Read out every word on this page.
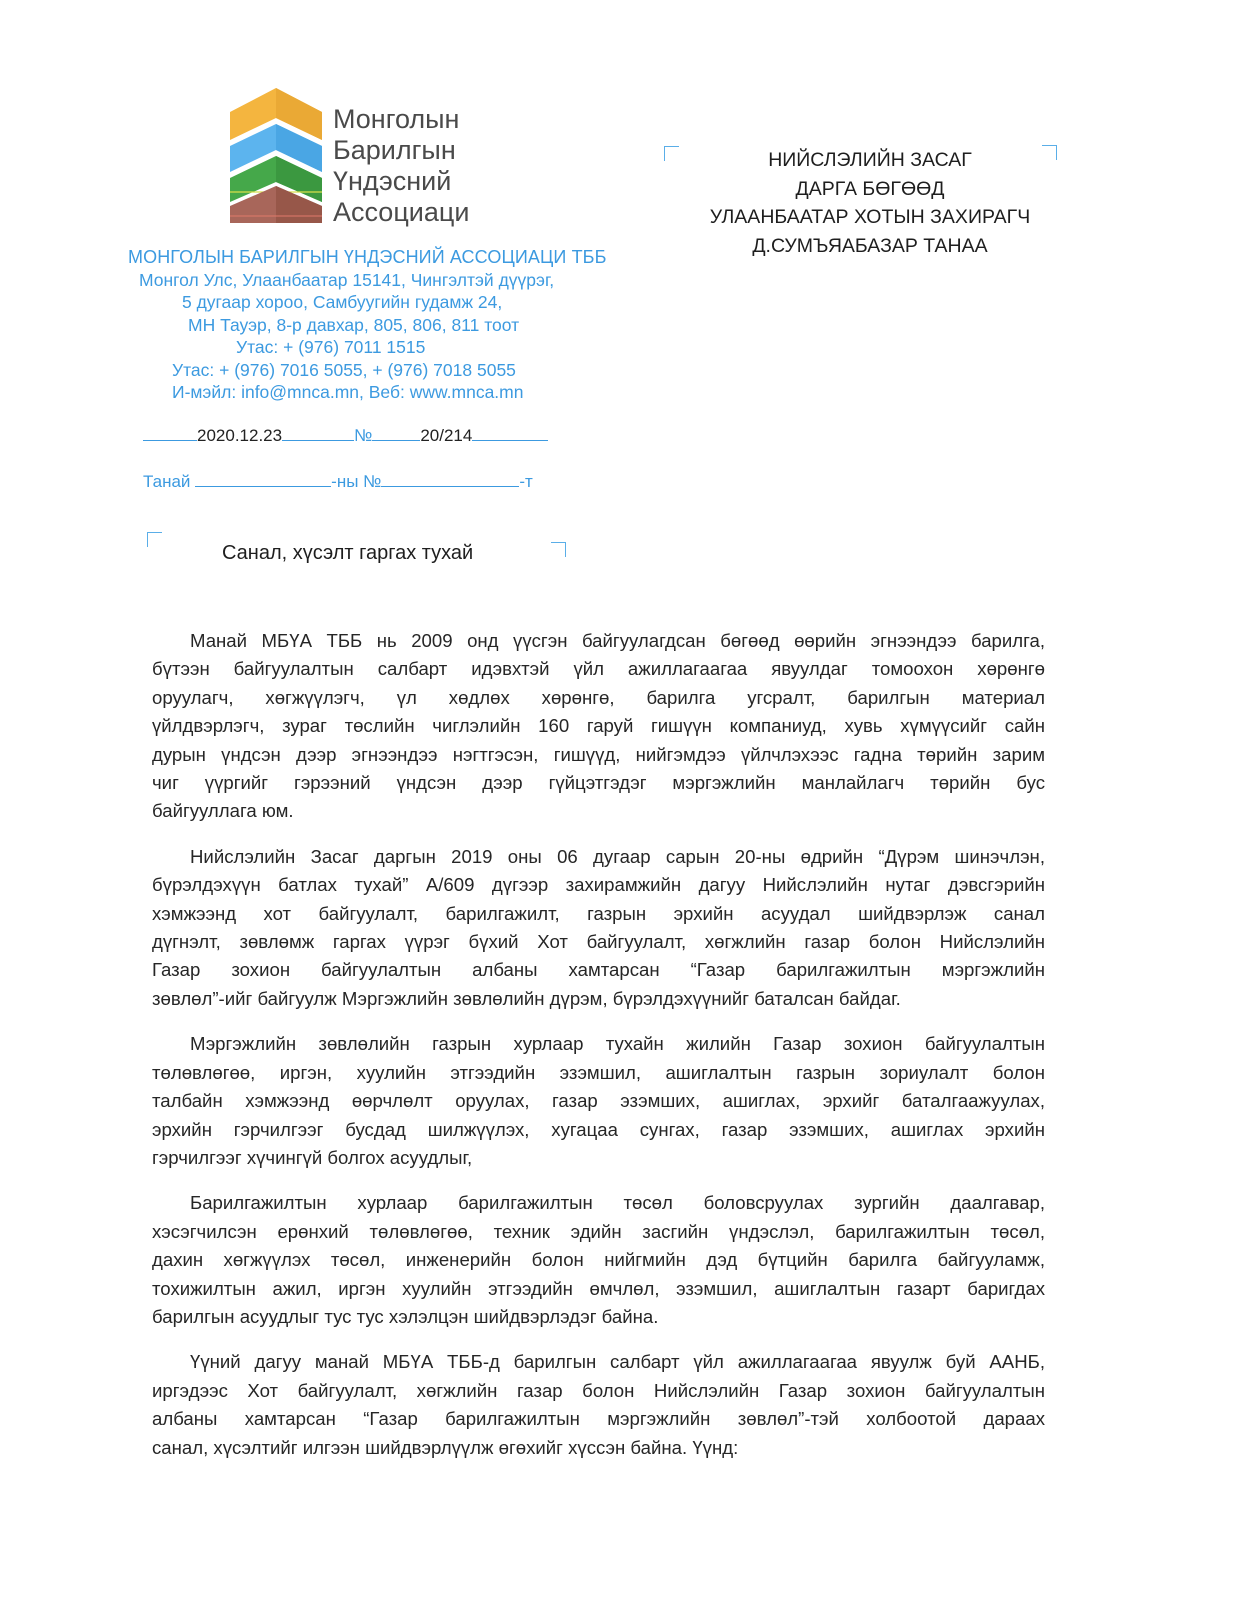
Монголын
Барилгын
Үндэсний
Ассоциаци
МОНГОЛЫН БАРИЛГЫН ҮНДЭСНИЙ АССОЦИАЦИ ТББ
Монгол Улс, Улаанбаатар 15141, Чингэлтэй дүүрэг,
5 дугаар хороо, Самбуугийн гудамж 24,
МН Тауэр, 8-р давхар, 805, 806, 811 тоот
Утас: + (976) 7011 1515
Утас: + (976) 7016 5055, + (976) 7018 5055
И-мэйл: info@mnca.mn, Веб: www.mnca.mn
2020.12.23	№	20/214
Танай	-ны №	-т
НИЙСЛЭЛИЙН ЗАСАГ
ДАРГА БӨГӨӨД
УЛААНБААТАР ХОТЫН ЗАХИРАГЧ
Д.СУМЪЯАБАЗАР ТАНАА
Санал, хүсэлт гаргах тухай
Манай МБҮА ТББ нь 2009 онд үүсгэн байгуулагдсан бөгөөд өөрийн эгнээндээ барилга,
бүтээн байгуулалтын салбарт идэвхтэй үйл ажиллагаагаа явуулдаг томоохон хөрөнгө
оруулагч, хөгжүүлэгч, үл хөдлөх хөрөнгө, барилга угсралт, барилгын материал
үйлдвэрлэгч, зураг төслийн чиглэлийн 160 гаруй гишүүн компаниуд, хувь хүмүүсийг сайн
дурын үндсэн дээр эгнээндээ нэгтгэсэн, гишүүд, нийгэмдээ үйлчлэхээс гадна төрийн зарим
чиг үүргийг гэрээний үндсэн дээр гүйцэтгэдэг мэргэжлийн манлайлагч төрийн бус
байгууллага юм.
Нийслэлийн Засаг даргын 2019 оны 06 дугаар сарын 20-ны өдрийн “Дүрэм шинэчлэн,
бүрэлдэхүүн батлах тухай” А/609 дүгээр захирамжийн дагуу Нийслэлийн нутаг дэвсгэрийн
хэмжээнд хот байгуулалт, барилгажилт, газрын эрхийн асуудал шийдвэрлэж санал
дүгнэлт, зөвлөмж гаргах үүрэг бүхий Хот байгуулалт, хөгжлийн газар болон Нийслэлийн
Газар зохион байгуулалтын албаны хамтарсан “Газар барилгажилтын мэргэжлийн
зөвлөл”-ийг байгуулж Мэргэжлийн зөвлөлийн дүрэм, бүрэлдэхүүнийг баталсан байдаг.
Мэргэжлийн зөвлөлийн газрын хурлаар тухайн жилийн Газар зохион байгуулалтын
төлөвлөгөө, иргэн, хуулийн этгээдийн эзэмшил, ашиглалтын газрын зориулалт болон
талбайн хэмжээнд өөрчлөлт оруулах, газар эзэмших, ашиглах, эрхийг баталгаажуулах,
эрхийн гэрчилгээг бусдад шилжүүлэх, хугацаа сунгах, газар эзэмших, ашиглах эрхийн
гэрчилгээг хүчингүй болгох асуудлыг,
Барилгажилтын хурлаар барилгажилтын төсөл боловсруулах зургийн даалгавар,
хэсэгчилсэн ерөнхий төлөвлөгөө, техник эдийн засгийн үндэслэл, барилгажилтын төсөл,
дахин хөгжүүлэх төсөл, инженерийн болон нийгмийн дэд бүтцийн барилга байгууламж,
тохижилтын ажил, иргэн хуулийн этгээдийн өмчлөл, эзэмшил, ашиглалтын газарт баригдах
барилгын асуудлыг тус тус хэлэлцэн шийдвэрлэдэг байна.
Үүний дагуу манай МБҮА ТББ-д барилгын салбарт үйл ажиллагаагаа явуулж буй ААНБ,
иргэдээс Хот байгуулалт, хөгжлийн газар болон Нийслэлийн Газар зохион байгуулалтын
албаны хамтарсан “Газар барилгажилтын мэргэжлийн зөвлөл”-тэй холбоотой дараах
санал, хүсэлтийг илгээн шийдвэрлүүлж өгөхийг хүссэн байна. Үүнд:
